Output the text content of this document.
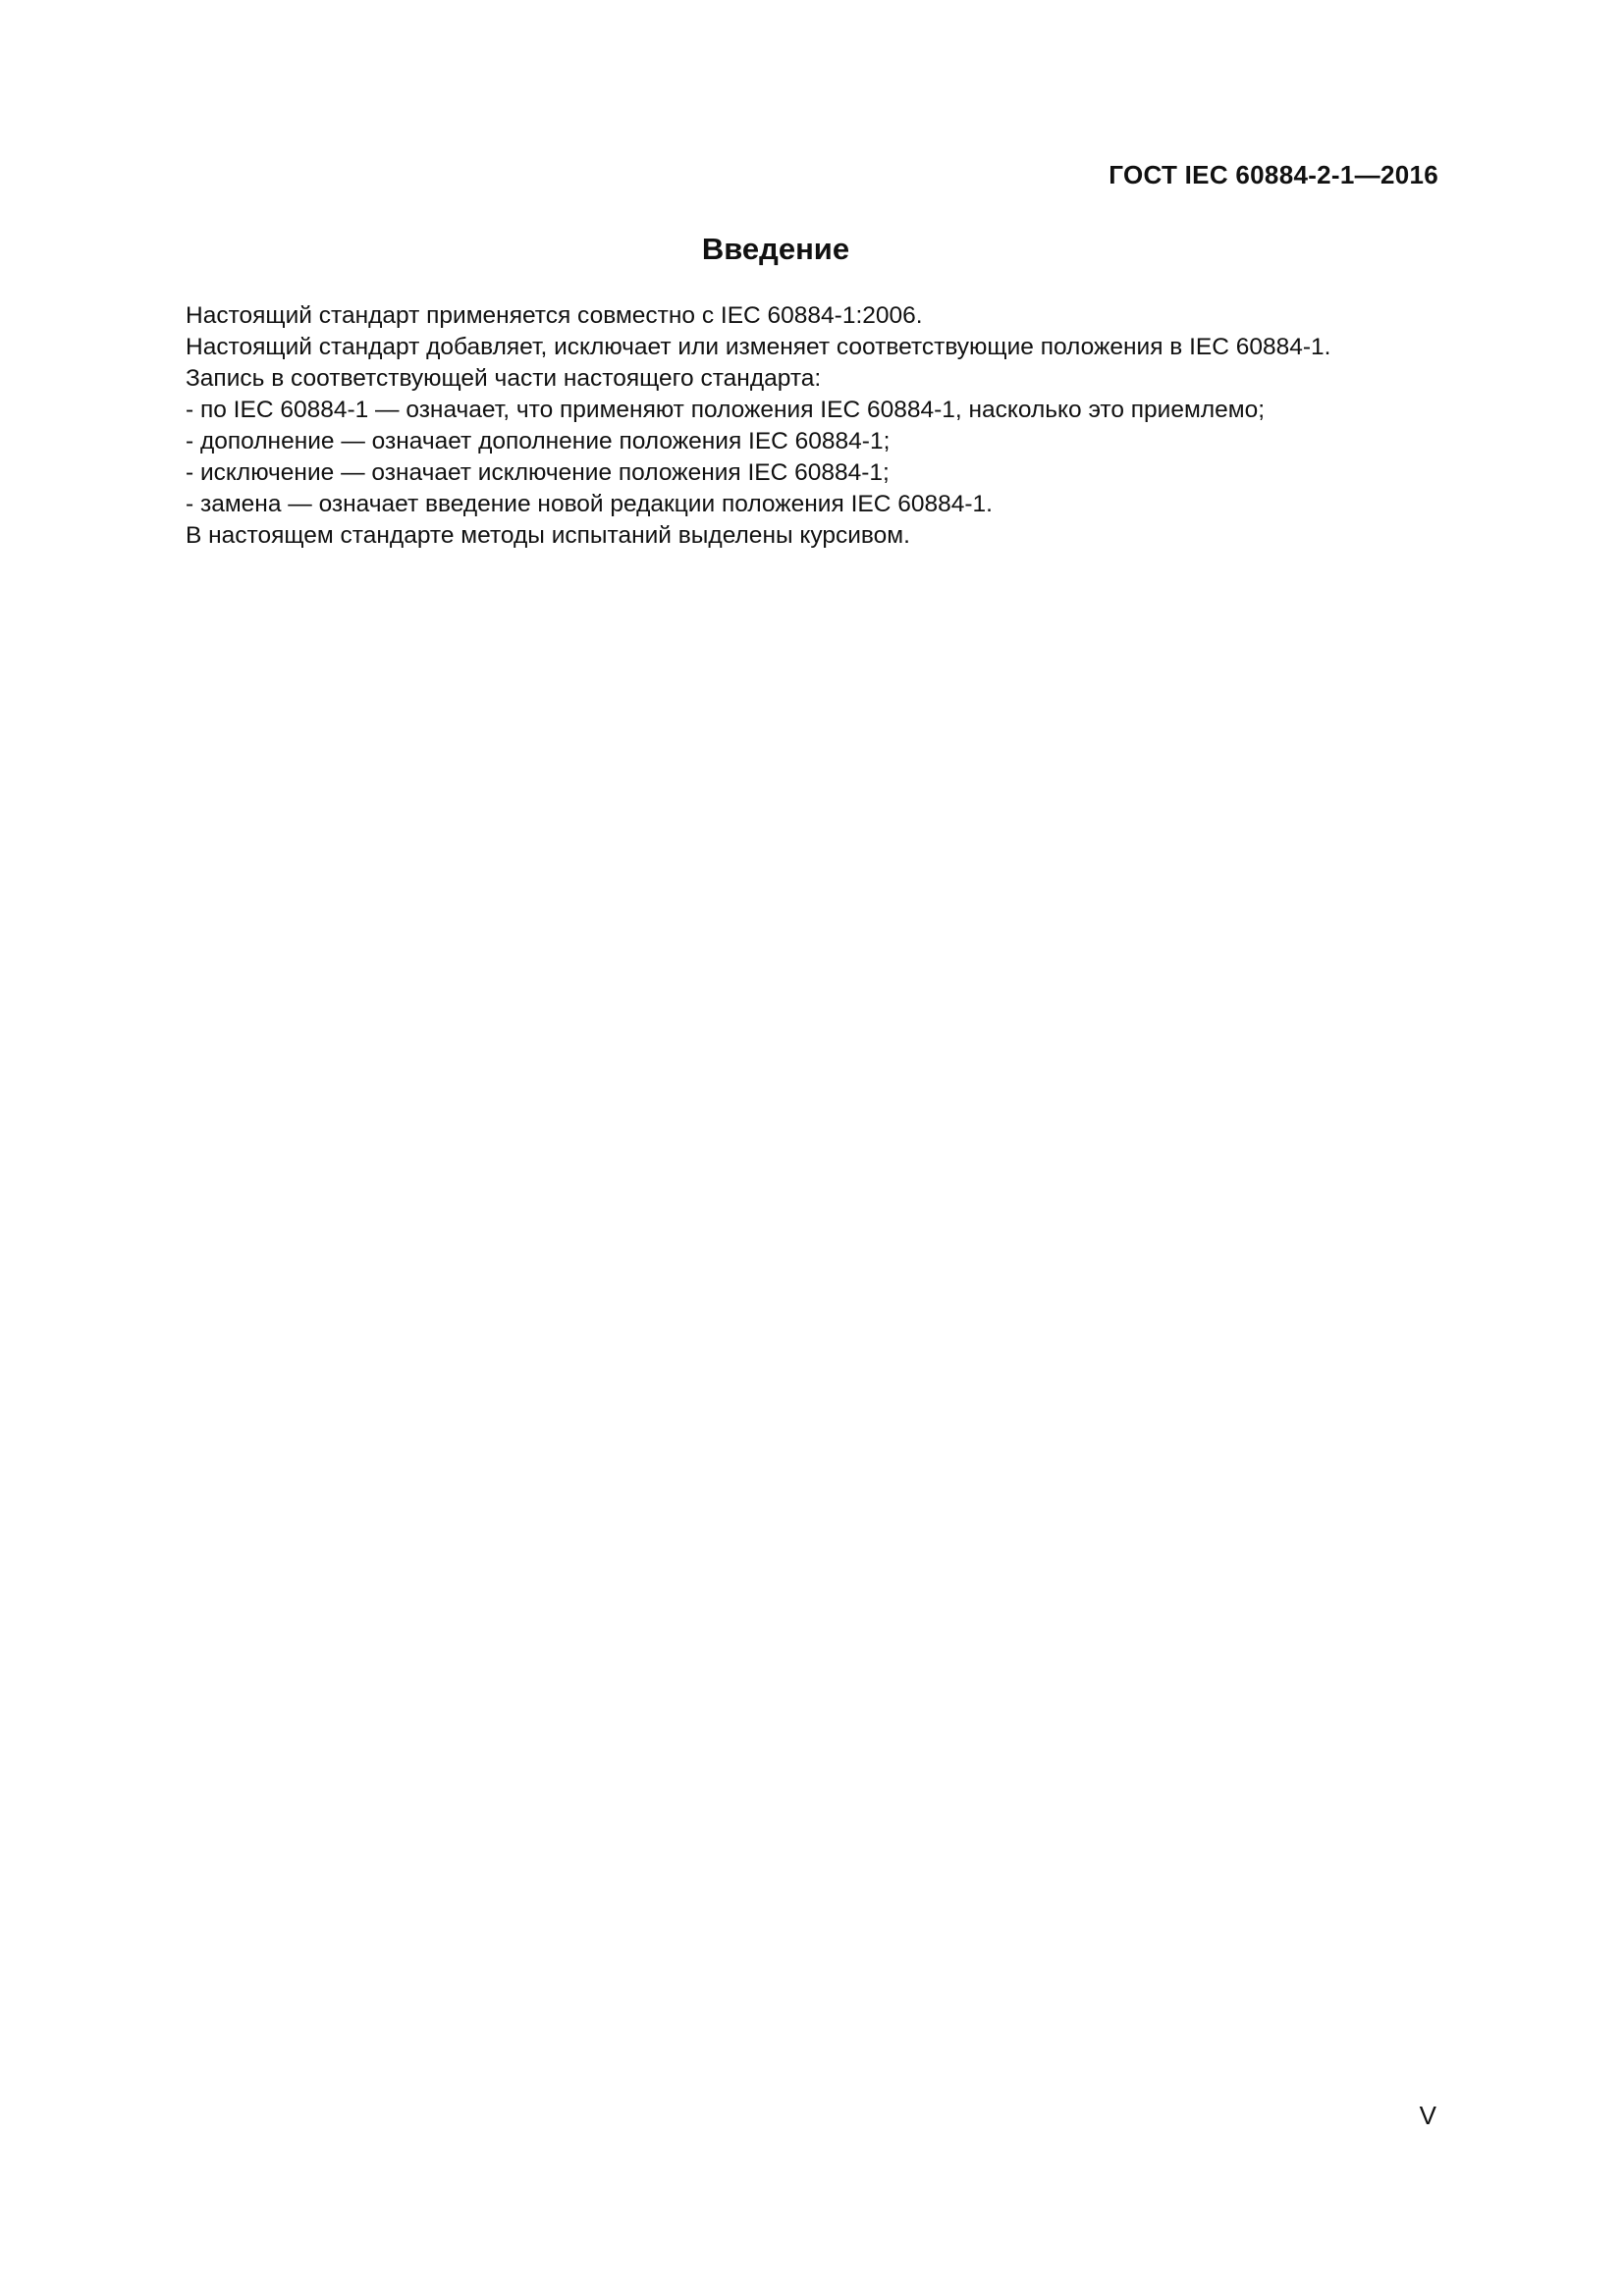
ГОСТ IEC 60884-2-1—2016
Введение

Настоящий стандарт применяется совместно с IEC 60884-1:2006.

Настоящий стандарт добавляет, исключает или изменяет соответствующие положения в IEC 60884-1.

Запись в соответствующей части настоящего стандарта:

- по IEC 60884-1 — означает, что применяют положения IEC 60884-1, насколько это приемлемо;

- дополнение — означает дополнение положения IEC 60884-1;

- исключение — означает исключение положения IEC 60884-1;

- замена — означает введение новой редакции положения IEC 60884-1.

В настоящем стандарте методы испытаний выделены курсивом.

V
